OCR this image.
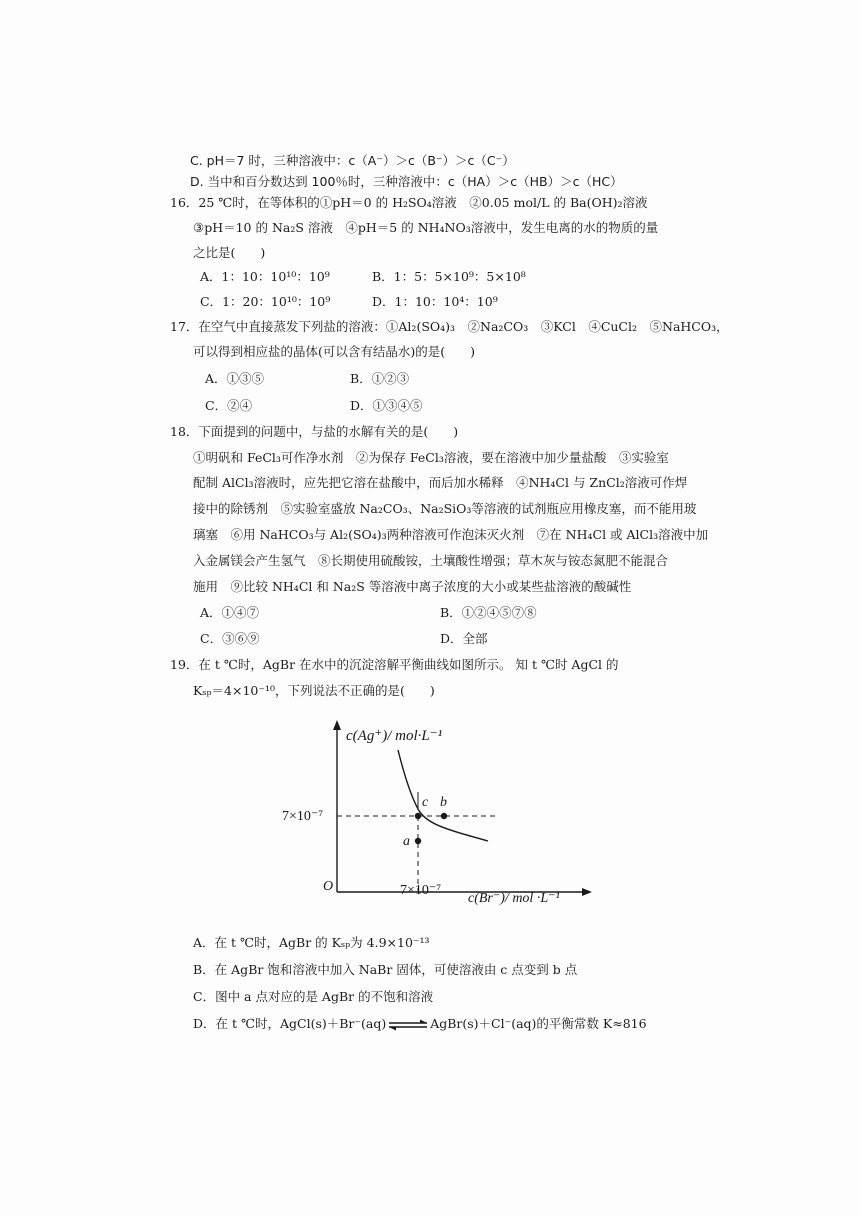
C. pH＝7 时，三种溶液中：c（A⁻）＞c（B⁻）＞c（C⁻）
D. 当中和百分数达到 100％时，三种溶液中：c（HA）＞c（HB）＞c（HC）
16．25 ℃时，在等体积的①pH＝0 的 H₂SO₄溶液　②0.05 mol/L 的 Ba(OH)₂溶液
③pH＝10 的 Na₂S 溶液　④pH＝5 的 NH₄NO₃溶液中，发生电离的水的物质的量
之比是(　　)
A．1：10：10¹⁰：10⁹	B．1：5：5×10⁹：5×10⁸
C．1：20：10¹⁰：10⁹	D．1：10：10⁴：10⁹
17．在空气中直接蒸发下列盐的溶液：①Al₂(SO₄)₃　②Na₂CO₃　③KCl　④CuCl₂　⑤NaHCO₃，
可以得到相应盐的晶体(可以含有结晶水)的是(　　)
A．①③⑤	B．①②③
C．②④	D．①③④⑤
18．下面提到的问题中，与盐的水解有关的是(　　)
①明矾和 FeCl₃可作净水剂　②为保存 FeCl₃溶液，要在溶液中加少量盐酸　③实验室
配制 AlCl₃溶液时，应先把它溶在盐酸中，而后加水稀释　④NH₄Cl 与 ZnCl₂溶液可作焊
接中的除锈剂　⑤实验室盛放 Na₂CO₃、Na₂SiO₃等溶液的试剂瓶应用橡皮塞，而不能用玻
璃塞　⑥用 NaHCO₃与 Al₂(SO₄)₃两种溶液可作泡沫灭火剂　⑦在 NH₄Cl 或 AlCl₃溶液中加
入金属镁会产生氢气　⑧长期使用硫酸铵，土壤酸性增强；草木灰与铵态氮肥不能混合
施用　⑨比较 NH₄Cl 和 Na₂S 等溶液中离子浓度的大小或某些盐溶液的酸碱性
A．①④⑦	B．①②④⑤⑦⑧
C．③⑥⑨	D．全部
19．在 t ℃时，AgBr 在水中的沉淀溶解平衡曲线如图所示。 知 t ℃时 AgCl 的
Kₛₚ＝4×10⁻¹⁰，下列说法不正确的是(　　)
c(Ag⁺)/ mol·L⁻¹
c(Br⁻)/ mol ·L⁻¹
7×10⁻⁷
7×10⁻⁷
O
a
b
c
A．在 t ℃时，AgBr 的 Kₛₚ为 4.9×10⁻¹³
B．在 AgBr 饱和溶液中加入 NaBr 固体，可使溶液由 c 点变到 b 点
C．图中 a 点对应的是 AgBr 的不饱和溶液
D．在 t ℃时，AgCl(s)＋Br⁻(aq)⇌AgBr(s)＋Cl⁻(aq)的平衡常数 K≈816
